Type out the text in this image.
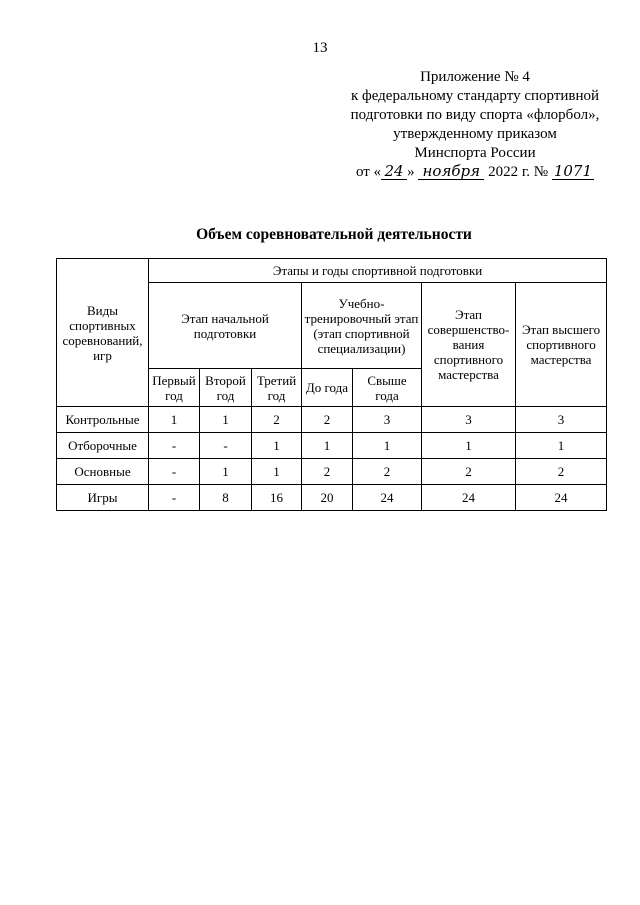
13
Приложение № 4
к федеральному стандарту спортивной
подготовки по виду спорта «флорбол»,
утвержденному приказом
Минспорта России
от « 24 » ноября 2022 г. № 1071
Объем соревновательной деятельности
Виды спортивных соревнований, игр	Этапы и годы спортивной подготовки						
	Этап начальной подготовки			Учебно-тренировочный этап (этап спортивной специализации)		Этап совершенство-вания спортивного мастерства	Этап высшего спортивного мастерства
	Первый год	Второй год	Третий год	До года	Свыше года		
Контрольные	1	1	2	2	3	3	3
Отборочные	-	-	1	1	1	1	1
Основные	-	1	1	2	2	2	2
Игры	-	8	16	20	24	24	24
